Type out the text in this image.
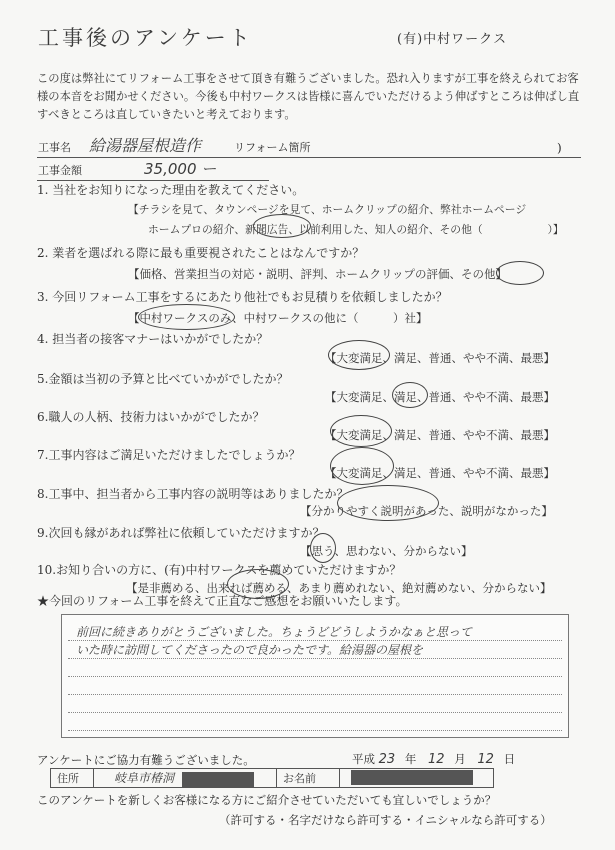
工事後のアンケート	(有)中村ワークス
この度は弊社にてリフォーム工事をさせて頂き有難うございました。恐れ入りますが工事を終えられてお客様の本音をお聞かせください。今後も中村ワークスは皆様に喜んでいただけるよう伸ばすところは伸ばし直すべきところは直していきたいと考えております。
工事名 給湯器屋根造作	リフォーム箇所	)
工事金額	35,000 ー
1. 当社をお知りになった理由を教えてください。
【チラシを見て、タウンページを見て、ホームクリップの紹介、弊社ホームページ
ホームプロの紹介、新聞広告、以前利用した、知人の紹介、その他（　　　　　　）】
2. 業者を選ばれる際に最も重要視されたことはなんですか？
【価格、営業担当の対応・説明、評判、ホームクリップの評価、その他】
3. 今回リフォーム工事をするにあたり他社でもお見積りを依頼しましたか？
【中村ワークスのみ、中村ワークスの他に（　　　）社】
4. 担当者の接客マナーはいかがでしたか？
【大変満足、満足、普通、やや不満、最悪】
5.金額は当初の予算と比べていかがでしたか？
【大変満足、満足、普通、やや不満、最悪】
6.職人の人柄、技術力はいかがでしたか？
【大変満足、満足、普通、やや不満、最悪】
7.工事内容はご満足いただけましたでしょうか？
【大変満足、満足、普通、やや不満、最悪】
8.工事中、担当者から工事内容の説明等はありましたか？
【分かりやすく説明があった、説明がなかった】
9.次回も縁があれば弊社に依頼していただけますか？
【思う、思わない、分からない】
10.お知り合いの方に、(有)中村ワークスを薦めていただけますか？
【是非薦める、出来れば薦める、あまり薦めれない、絶対薦めない、分からない】
★今回のリフォーム工事を終えて正直なご感想をお願いいたします。
前回に続きありがとうございました。ちょうどどうしようかなぁと思って
いた時に訪問してくださったので良かったです。給湯器の屋根を
アンケートにご協力有難うございました。	平成 23 年 12 月 12 日
住所	岐阜市椿洞	お名前	
このアンケートを新しくお客様になる方にご紹介させていただいても宜しいでしょうか？
（許可する・名字だけなら許可する・イニシャルなら許可する）
